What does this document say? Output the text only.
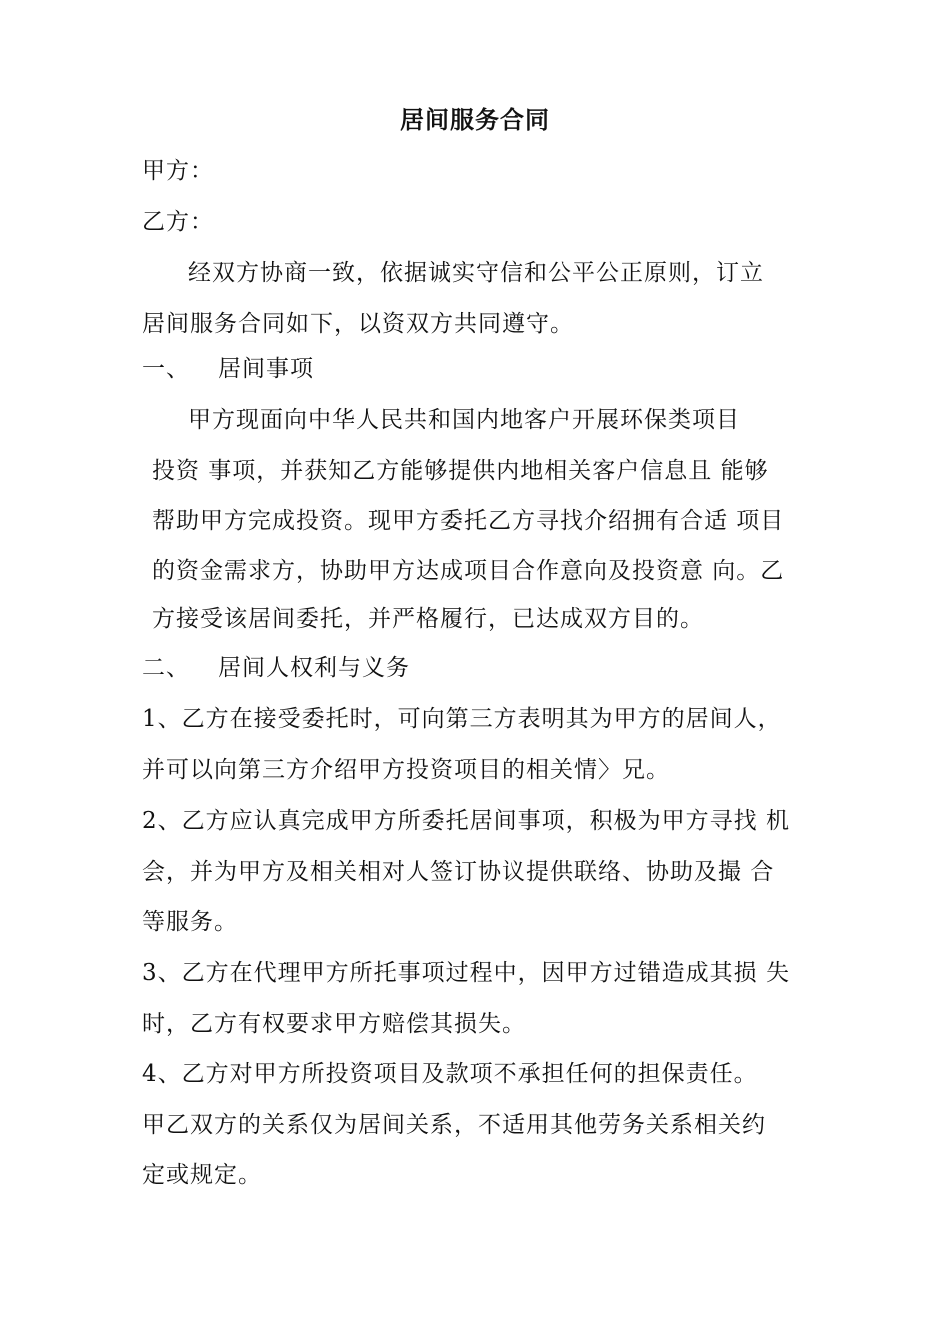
居间服务合同
甲方：
乙方：
经双方协商一致，依据诚实守信和公平公正原则，订立
居间服务合同如下，以资双方共同遵守。
一、 居间事项
甲方现面向中华人民共和国内地客户开展环保类项目
投资 事项，并获知乙方能够提供内地相关客户信息且 能够
帮助甲方完成投资。现甲方委托乙方寻找介绍拥有合适 项目
的资金需求方，协助甲方达成项目合作意向及投资意 向。乙
方接受该居间委托，并严格履行，已达成双方目的。
二、 居间人权利与义务
1、乙方在接受委托时，可向第三方表明其为甲方的居间人，
并可以向第三方介绍甲方投资项目的相关情〉兄。
2、乙方应认真完成甲方所委托居间事项，积极为甲方寻找 机
会，并为甲方及相关相对人签订协议提供联络、协助及撮 合
等服务。
3、乙方在代理甲方所托事项过程中，因甲方过错造成其损 失
时，乙方有权要求甲方赔偿其损失。
4、乙方对甲方所投资项目及款项不承担任何的担保责任。
甲乙双方的关系仅为居间关系，不适用其他劳务关系相关约
定或规定。
